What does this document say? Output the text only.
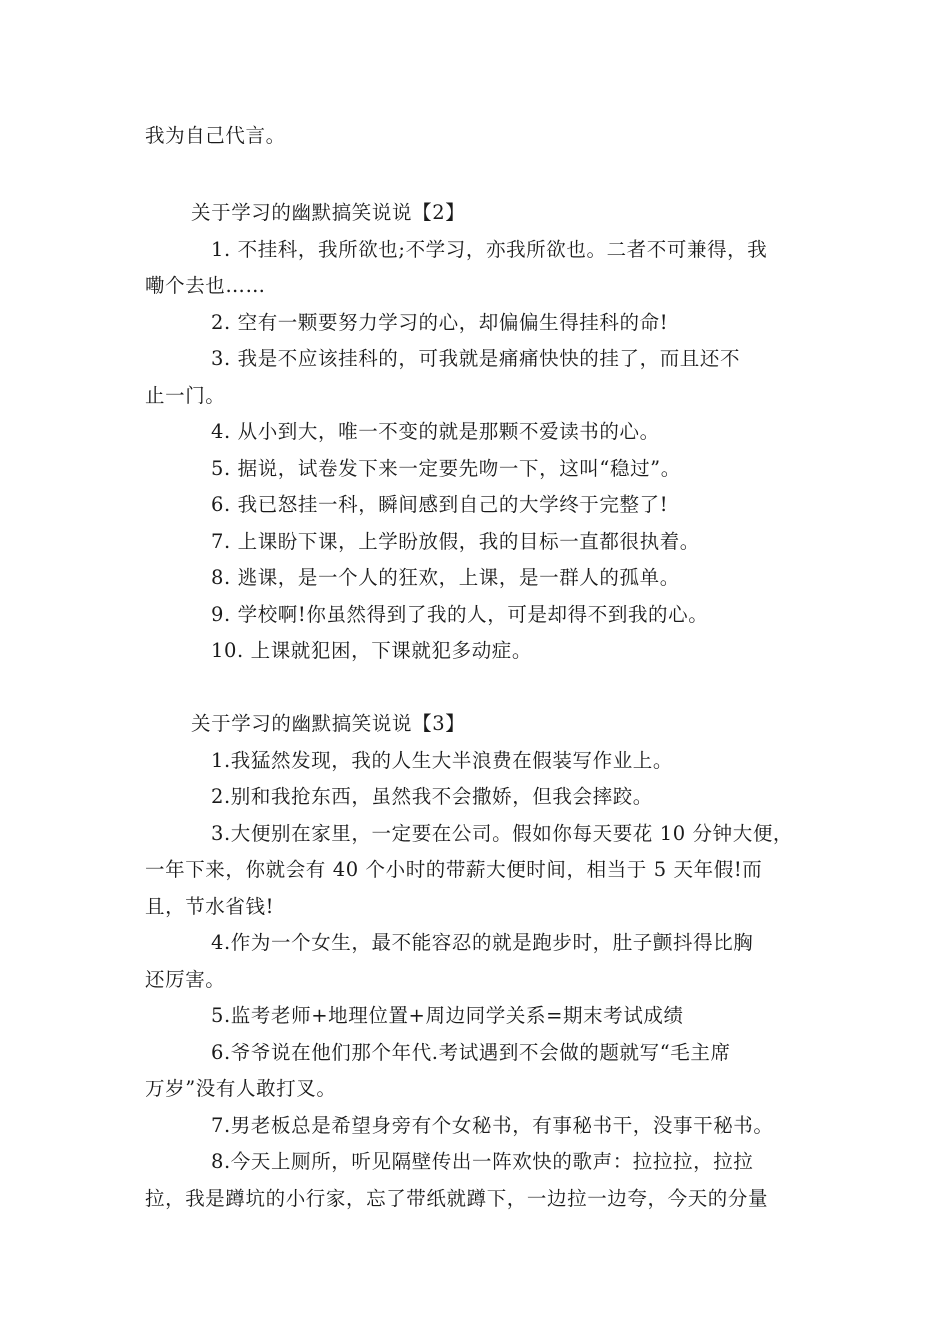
我为自己代言。
关于学习的幽默搞笑说说【2】
1. 不挂科，我所欲也;不学习，亦我所欲也。二者不可兼得，我
嘞个去也……
2. 空有一颗要努力学习的心，却偏偏生得挂科的命!
3. 我是不应该挂科的，可我就是痛痛快快的挂了，而且还不
止一门。
4. 从小到大，唯一不变的就是那颗不爱读书的心。
5. 据说，试卷发下来一定要先吻一下，这叫“稳过”。
6. 我已怒挂一科，瞬间感到自己的大学终于完整了!
7. 上课盼下课，上学盼放假，我的目标一直都很执着。
8. 逃课，是一个人的狂欢，上课，是一群人的孤单。
9. 学校啊!你虽然得到了我的人，可是却得不到我的心。
10. 上课就犯困，下课就犯多动症。
关于学习的幽默搞笑说说【3】
1.我猛然发现，我的人生大半浪费在假装写作业上。
2.别和我抢东西，虽然我不会撒娇，但我会摔跤。
3.大便别在家里，一定要在公司。假如你每天要花 10 分钟大便，
一年下来，你就会有 40 个小时的带薪大便时间，相当于 5 天年假!而
且，节水省钱!
4.作为一个女生，最不能容忍的就是跑步时，肚子颤抖得比胸
还厉害。
5.监考老师+地理位置+周边同学关系=期末考试成绩
6.爷爷说在他们那个年代.考试遇到不会做的题就写“毛主席
万岁”没有人敢打叉。
7.男老板总是希望身旁有个女秘书，有事秘书干，没事干秘书。
8.今天上厕所，听见隔壁传出一阵欢快的歌声：拉拉拉，拉拉
拉，我是蹲坑的小行家，忘了带纸就蹲下，一边拉一边夸，今天的分量
